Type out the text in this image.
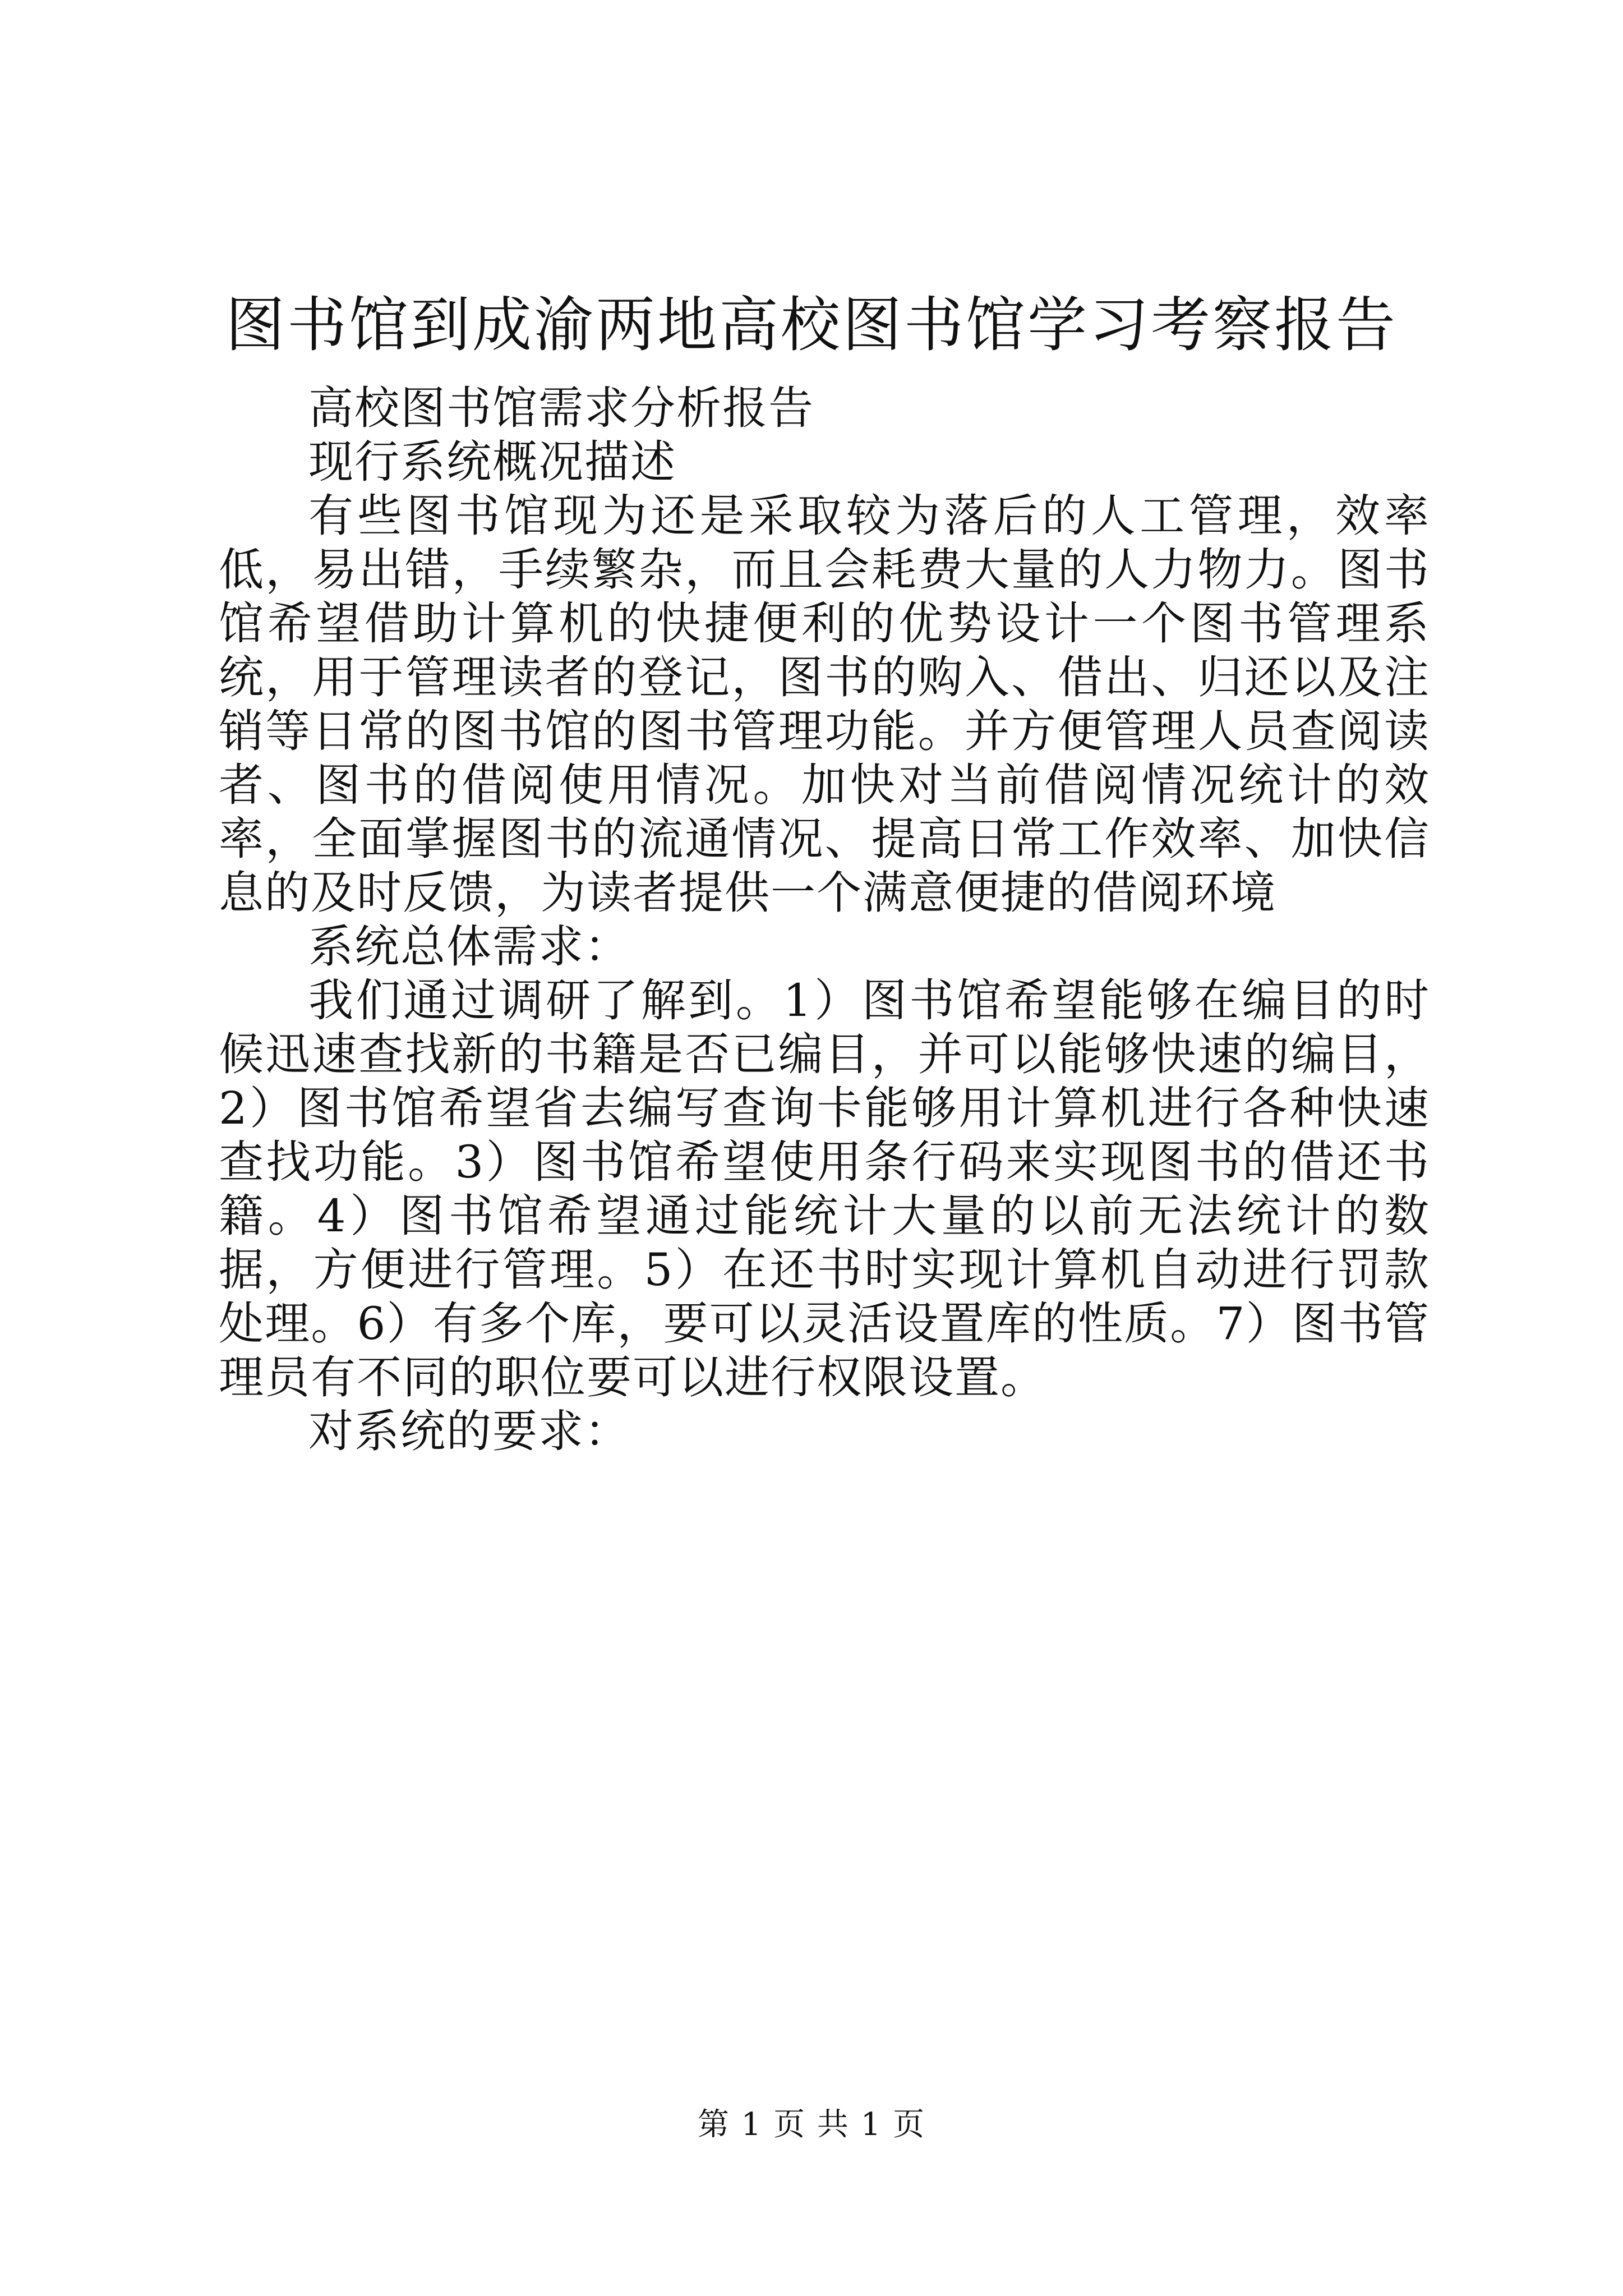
图书馆到成渝两地高校图书馆学习考察报告

高校图书馆需求分析报告

现行系统概况描述

有些图书馆现为还是采取较为落后的人工管理，效率低，易出错，手续繁杂，而且会耗费大量的人力物力。图书馆希望借助计算机的快捷便利的优势设计一个图书管理系统，用于管理读者的登记，图书的购入、借出、归还以及注销等日常的图书馆的图书管理功能。并方便管理人员查阅读者、图书的借阅使用情况。加快对当前借阅情况统计的效率，全面掌握图书的流通情况、提高日常工作效率、加快信息的及时反馈，为读者提供一个满意便捷的借阅环境

系统总体需求：

我们通过调研了解到。1）图书馆希望能够在编目的时候迅速查找新的书籍是否已编目，并可以能够快速的编目，2）图书馆希望省去编写查询卡能够用计算机进行各种快速查找功能。3）图书馆希望使用条行码来实现图书的借还书籍。4）图书馆希望通过能统计大量的以前无法统计的数据，方便进行管理。5）在还书时实现计算机自动进行罚款处理。6）有多个库，要可以灵活设置库的性质。7）图书管理员有不同的职位要可以进行权限设置。

对系统的要求：

第 1 页 共 1 页
